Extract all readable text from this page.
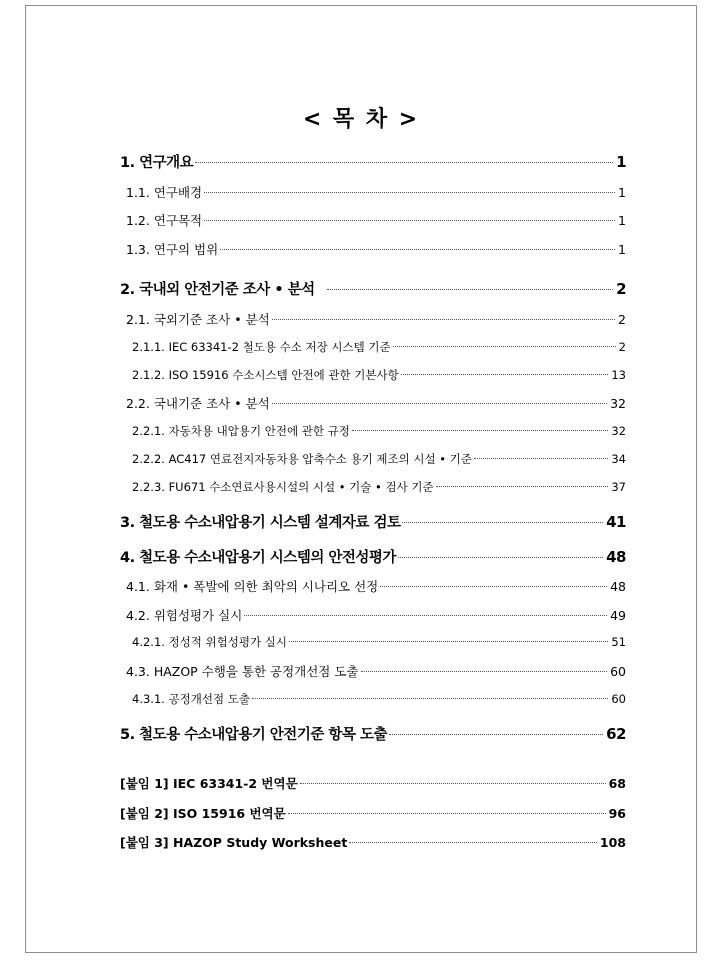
< 목 차 >
1. 연구개요	1
1.1. 연구배경	1
1.2. 연구목적	1
1.3. 연구의 범위	1
2. 국내외 안전기준 조사 • 분석	2
2.1. 국외기준 조사 • 분석	2
2.1.1. IEC 63341-2 철도용 수소 저장 시스템 기준	2
2.1.2. ISO 15916 수소시스템 안전에 관한 기본사항	13
2.2. 국내기준 조사 • 분석	32
2.2.1. 자동차용 내압용기 안전에 관한 규정	32
2.2.2. AC417 연료전지자동차용 압축수소 용기 제조의 시설 • 기준	34
2.2.3. FU671 수소연료사용시설의 시설 • 기술 • 검사 기준	37
3. 철도용 수소내압용기 시스템 설계자료 검토	41
4. 철도용 수소내압용기 시스템의 안전성평가	48
4.1. 화재 • 폭발에 의한 최악의 시나리오 선정	48
4.2. 위험성평가 실시	49
4.2.1. 정성적 위험성평가 실시	51
4.3. HAZOP 수행을 통한 공정개선점 도출	60
4.3.1. 공정개선점 도출	60
5. 철도용 수소내압용기 안전기준 항목 도출	62
[붙임 1] IEC 63341-2 번역문	68
[붙임 2] ISO 15916 번역문	96
[붙임 3] HAZOP Study Worksheet	108
